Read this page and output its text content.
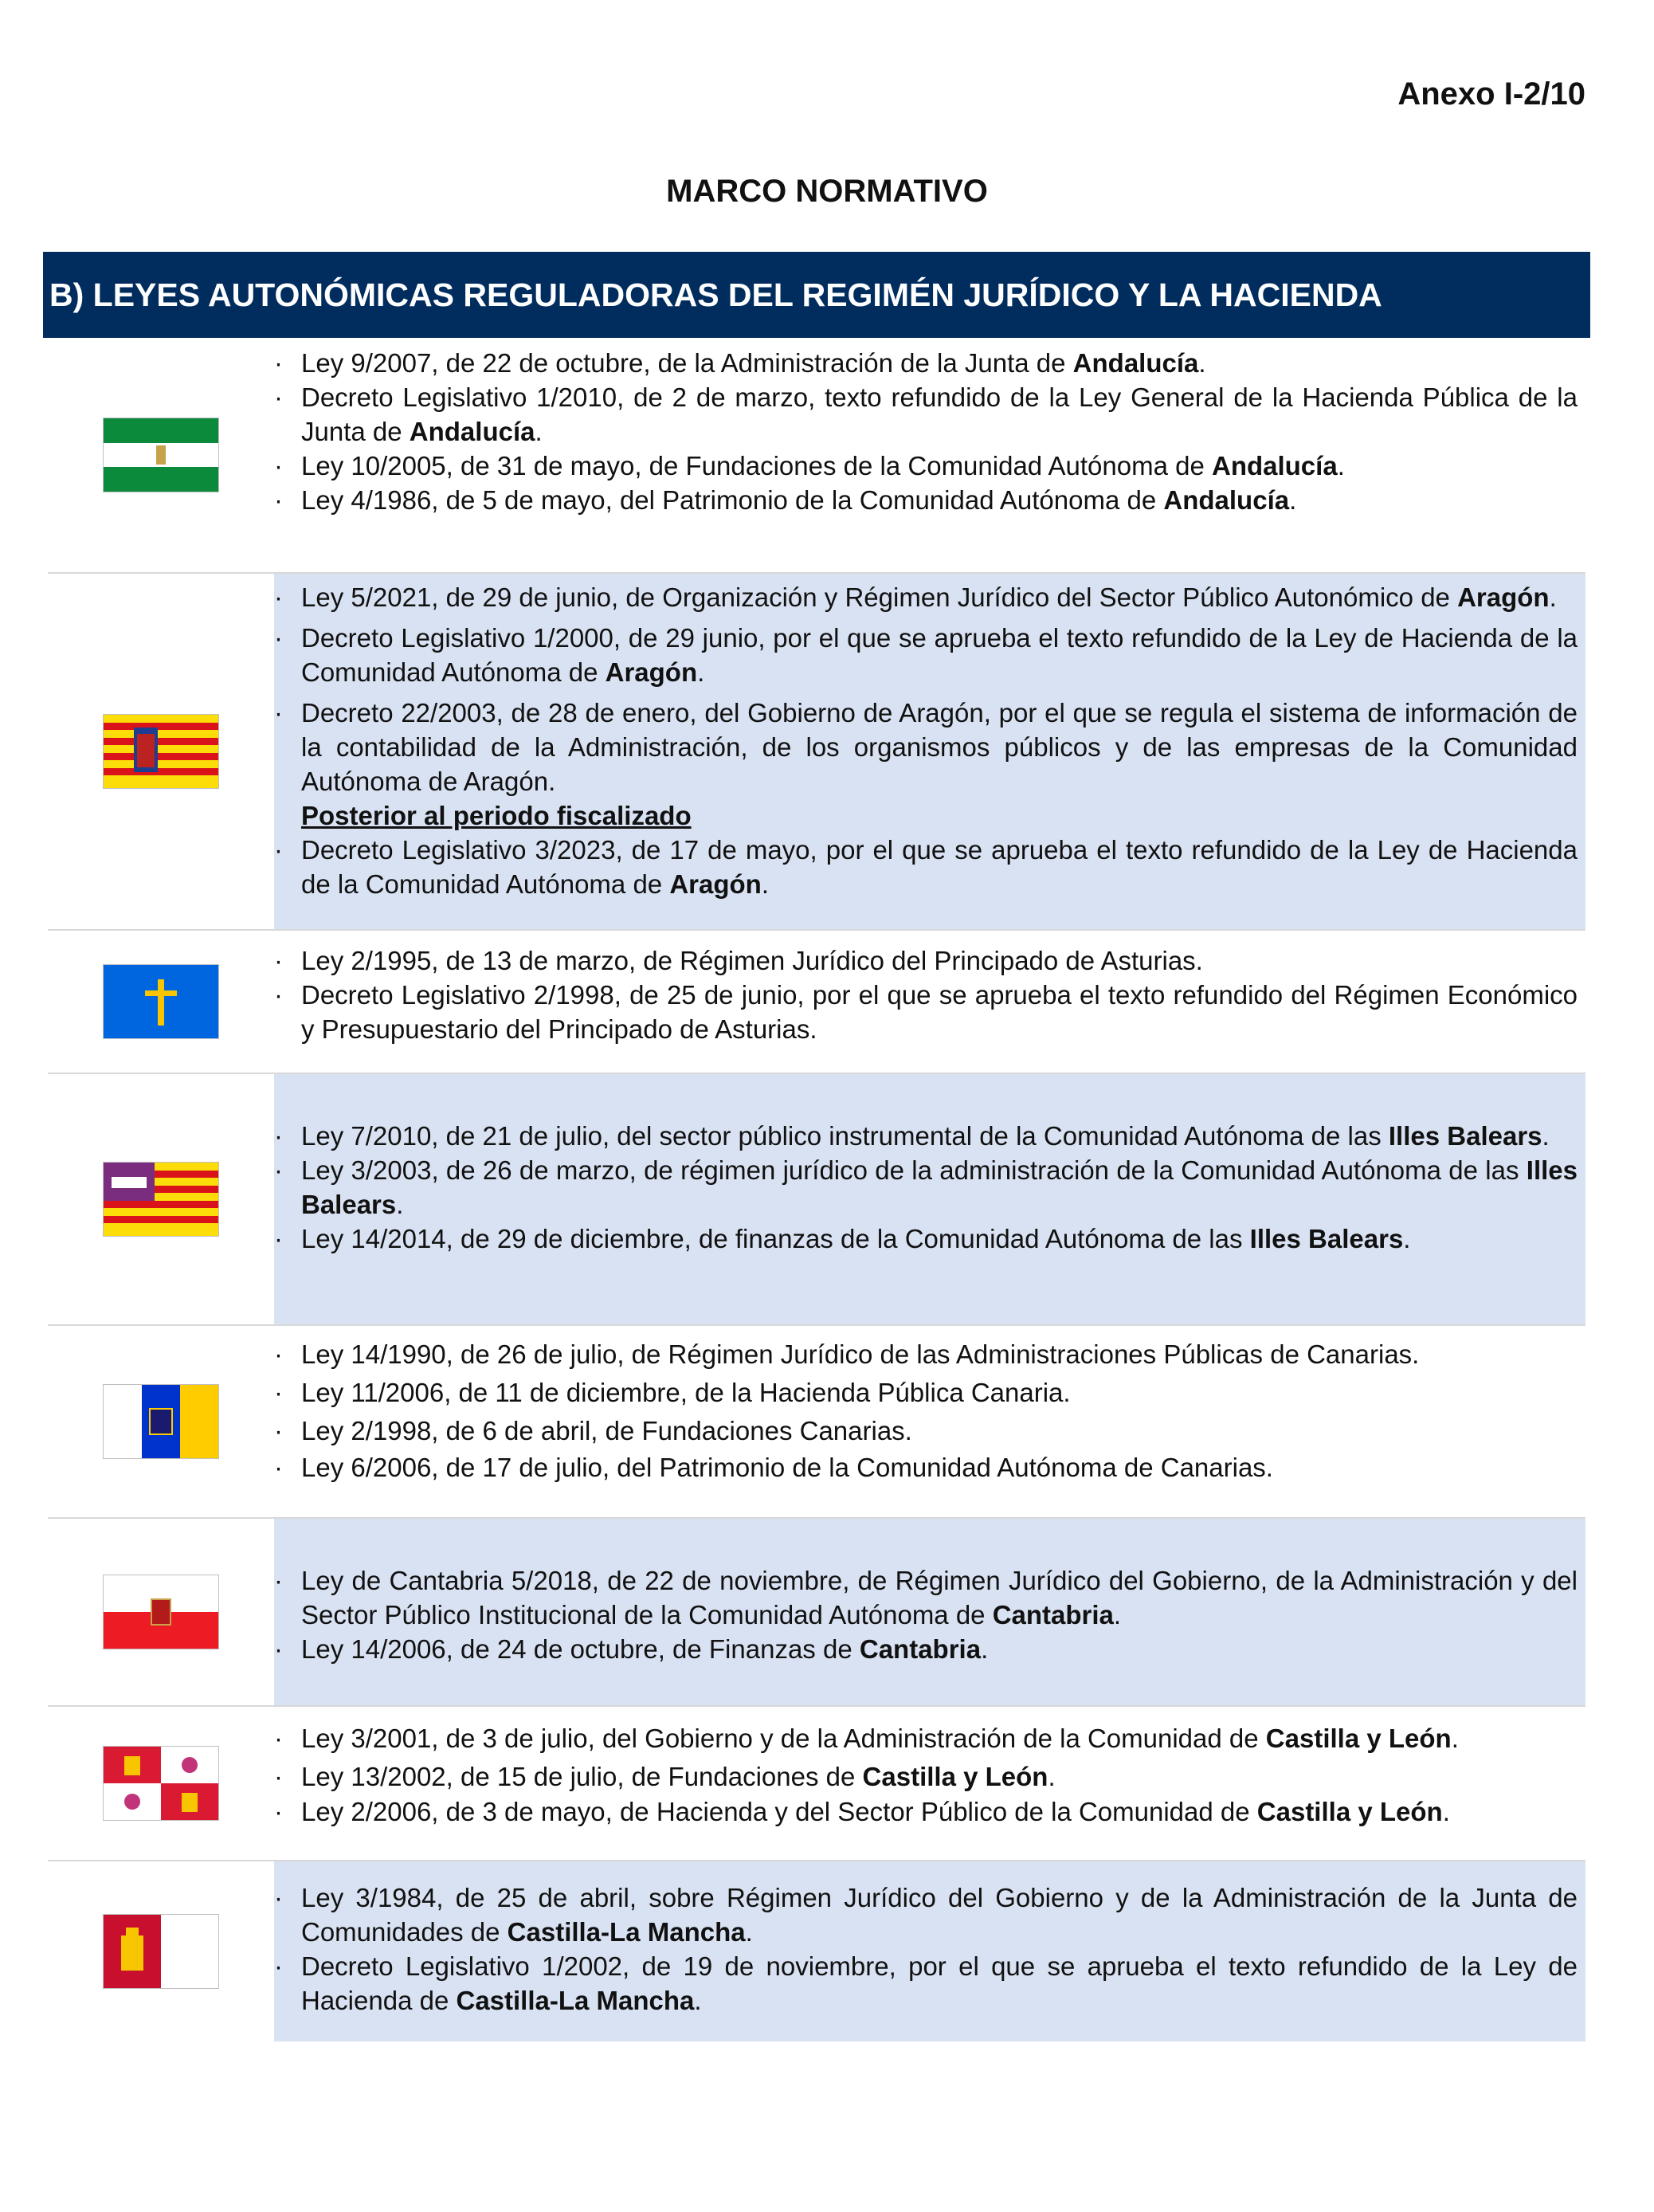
Anexo I-2/10
MARCO NORMATIVO
B) LEYES AUTONÓMICAS REGULADORAS DEL REGIMÉN JURÍDICO Y LA HACIENDA
· Ley 9/2007, de 22 de octubre, de la Administración de la Junta de Andalucía.
· Decreto Legislativo 1/2010, de 2 de marzo, texto refundido de la Ley General de la Hacienda Pública de la Junta de Andalucía.
· Ley 10/2005, de 31 de mayo, de Fundaciones de la Comunidad Autónoma de Andalucía.
· Ley 4/1986, de 5 de mayo, del Patrimonio de la Comunidad Autónoma de Andalucía.
· Ley 5/2021, de 29 de junio, de Organización y Régimen Jurídico del Sector Público Autonómico de Aragón.
· Decreto Legislativo 1/2000, de 29 junio, por el que se aprueba el texto refundido de la Ley de Hacienda de la Comunidad Autónoma de Aragón.
· Decreto 22/2003, de 28 de enero, del Gobierno de Aragón, por el que se regula el sistema de información de la contabilidad de la Administración, de los organismos públicos y de las empresas de la Comunidad Autónoma de Aragón.
Posterior al periodo fiscalizado
· Decreto Legislativo 3/2023, de 17 de mayo, por el que se aprueba el texto refundido de la Ley de Hacienda de la Comunidad Autónoma de Aragón.
· Ley 2/1995, de 13 de marzo, de Régimen Jurídico del Principado de Asturias.
· Decreto Legislativo 2/1998, de 25 de junio, por el que se aprueba el texto refundido del Régimen Económico y Presupuestario del Principado de Asturias.
· Ley 7/2010, de 21 de julio, del sector público instrumental de la Comunidad Autónoma de las Illes Balears.
· Ley 3/2003, de 26 de marzo, de régimen jurídico de la administración de la Comunidad Autónoma de las Illes Balears.
· Ley 14/2014, de 29 de diciembre, de finanzas de la Comunidad Autónoma de las Illes Balears.
· Ley 14/1990, de 26 de julio, de Régimen Jurídico de las Administraciones Públicas de Canarias.
· Ley 11/2006, de 11 de diciembre, de la Hacienda Pública Canaria.
· Ley 2/1998, de 6 de abril, de Fundaciones Canarias.
· Ley 6/2006, de 17 de julio, del Patrimonio de la Comunidad Autónoma de Canarias.
· Ley de Cantabria 5/2018, de 22 de noviembre, de Régimen Jurídico del Gobierno, de la Administración y del Sector Público Institucional de la Comunidad Autónoma de Cantabria.
· Ley 14/2006, de 24 de octubre, de Finanzas de Cantabria.
· Ley 3/2001, de 3 de julio, del Gobierno y de la Administración de la Comunidad de Castilla y León.
· Ley 13/2002, de 15 de julio, de Fundaciones de Castilla y León.
· Ley 2/2006, de 3 de mayo, de Hacienda y del Sector Público de la Comunidad de Castilla y León.
· Ley 3/1984, de 25 de abril, sobre Régimen Jurídico del Gobierno y de la Administración de la Junta de Comunidades de Castilla-La Mancha.
· Decreto Legislativo 1/2002, de 19 de noviembre, por el que se aprueba el texto refundido de la Ley de Hacienda de Castilla-La Mancha.
